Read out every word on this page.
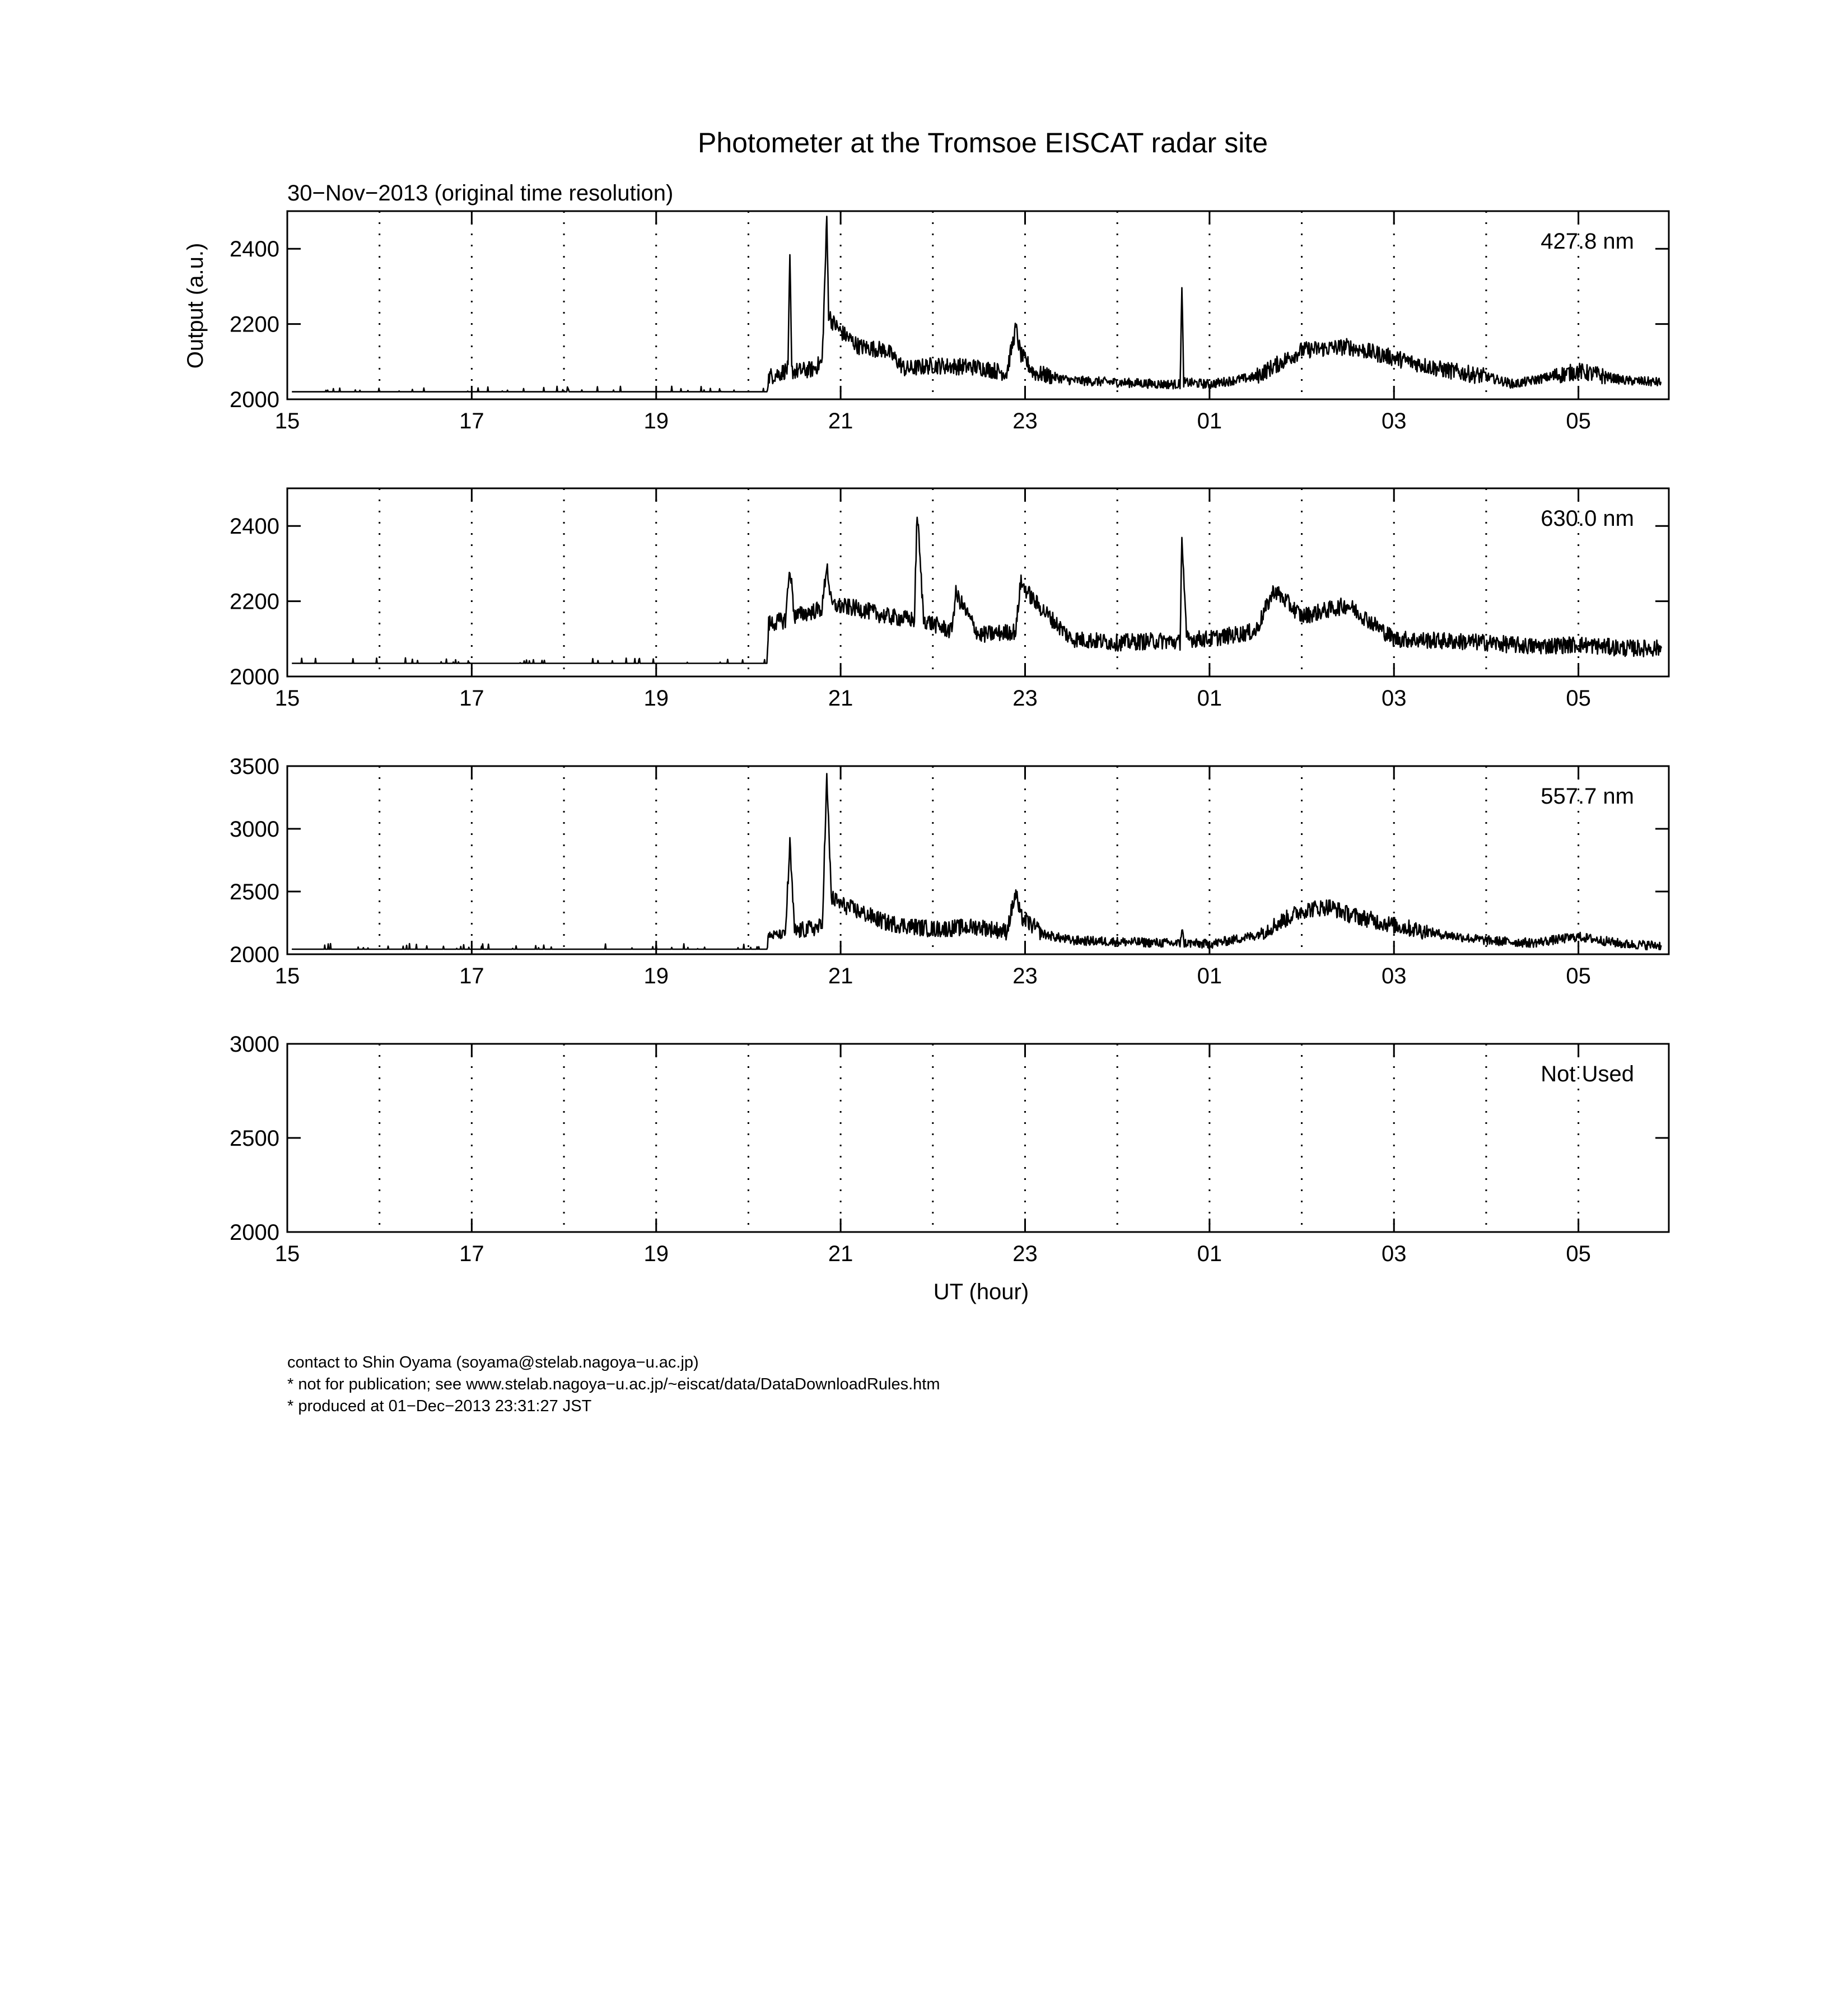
Photometer at the Tromsoe EISCAT radar site
30−Nov−2013 (original time resolution)
Output (a.u.)
2000
2200
2400
15	17	19	21	23	01	03	05
427.8 nm
2000
2200
2400
15	17	19	21	23	01	03	05
630.0 nm
2000
2500
3000
3500
15	17	19	21	23	01	03	05
557.7 nm
2000
2500
3000
15	17	19	21	23	01	03	05
Not Used
UT (hour)
contact to Shin Oyama (soyama@stelab.nagoya−u.ac.jp)
* not for publication; see www.stelab.nagoya−u.ac.jp/~eiscat/data/DataDownloadRules.htm
* produced at 01−Dec−2013 23:31:27 JST
